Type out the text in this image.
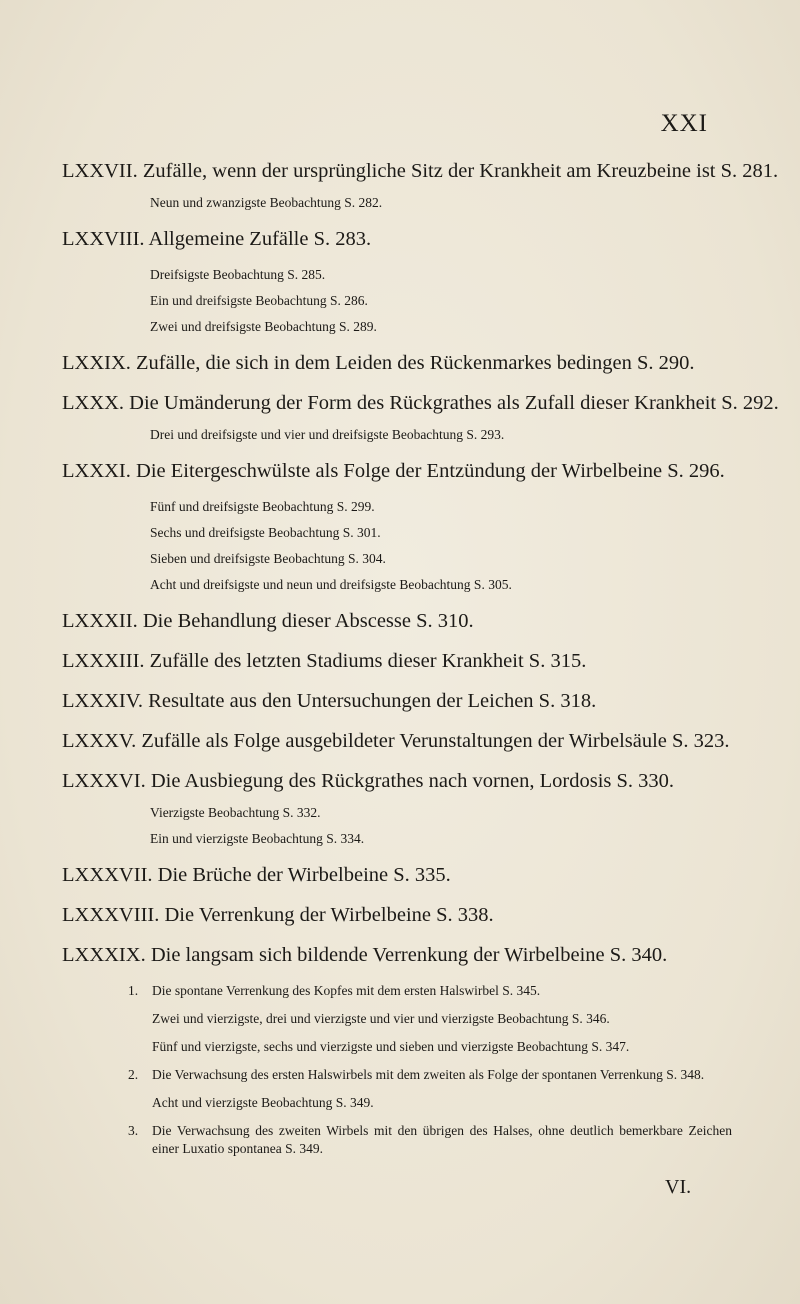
XXI

LXXVII. Zufälle, wenn der ursprüngliche Sitz der Krankheit am Kreuzbeine ist S. 281.

Neun und zwanzigste Beobachtung S. 282.

LXXVIII. Allgemeine Zufälle S. 283.

Dreifsigste Beobachtung S. 285.

Ein und dreifsigste Beobachtung S. 286.

Zwei und dreifsigste Beobachtung S. 289.

LXXIX. Zufälle, die sich in dem Leiden des Rückenmarkes bedingen S. 290.

LXXX. Die Umänderung der Form des Rückgrathes als Zufall dieser Krankheit S. 292.

Drei und dreifsigste und vier und dreifsigste Beobachtung S. 293.

LXXXI. Die Eitergeschwülste als Folge der Entzündung der Wirbelbeine S. 296.

Fünf und dreifsigste Beobachtung S. 299.

Sechs und dreifsigste Beobachtung S. 301.

Sieben und dreifsigste Beobachtung S. 304.

Acht und dreifsigste und neun und dreifsigste Beobachtung S. 305.

LXXXII. Die Behandlung dieser Abscesse S. 310.

LXXXIII. Zufälle des letzten Stadiums dieser Krankheit S. 315.

LXXXIV. Resultate aus den Untersuchungen der Leichen S. 318.

LXXXV. Zufälle als Folge ausgebildeter Verunstaltungen der Wirbelsäule S. 323.

LXXXVI. Die Ausbiegung des Rückgrathes nach vornen, Lordosis S. 330.

Vierzigste Beobachtung S. 332.

Ein und vierzigste Beobachtung S. 334.

LXXXVII. Die Brüche der Wirbelbeine S. 335.

LXXXVIII. Die Verrenkung der Wirbelbeine S. 338.

LXXXIX. Die langsam sich bildende Verrenkung der Wirbelbeine S. 340.

1. Die spontane Verrenkung des Kopfes mit dem ersten Halswirbel S. 345.

Zwei und vierzigste, drei und vierzigste und vier und vierzigste Beobachtung S. 346.

Fünf und vierzigste, sechs und vierzigste und sieben und vierzigste Beobachtung S. 347.

2. Die Verwachsung des ersten Halswirbels mit dem zweiten als Folge der spontanen Verrenkung S. 348.

Acht und vierzigste Beobachtung S. 349.

3. Die Verwachsung des zweiten Wirbels mit den übrigen des Halses, ohne deutlich bemerkbare Zeichen einer Luxatio spontanea S. 349.
VI.
